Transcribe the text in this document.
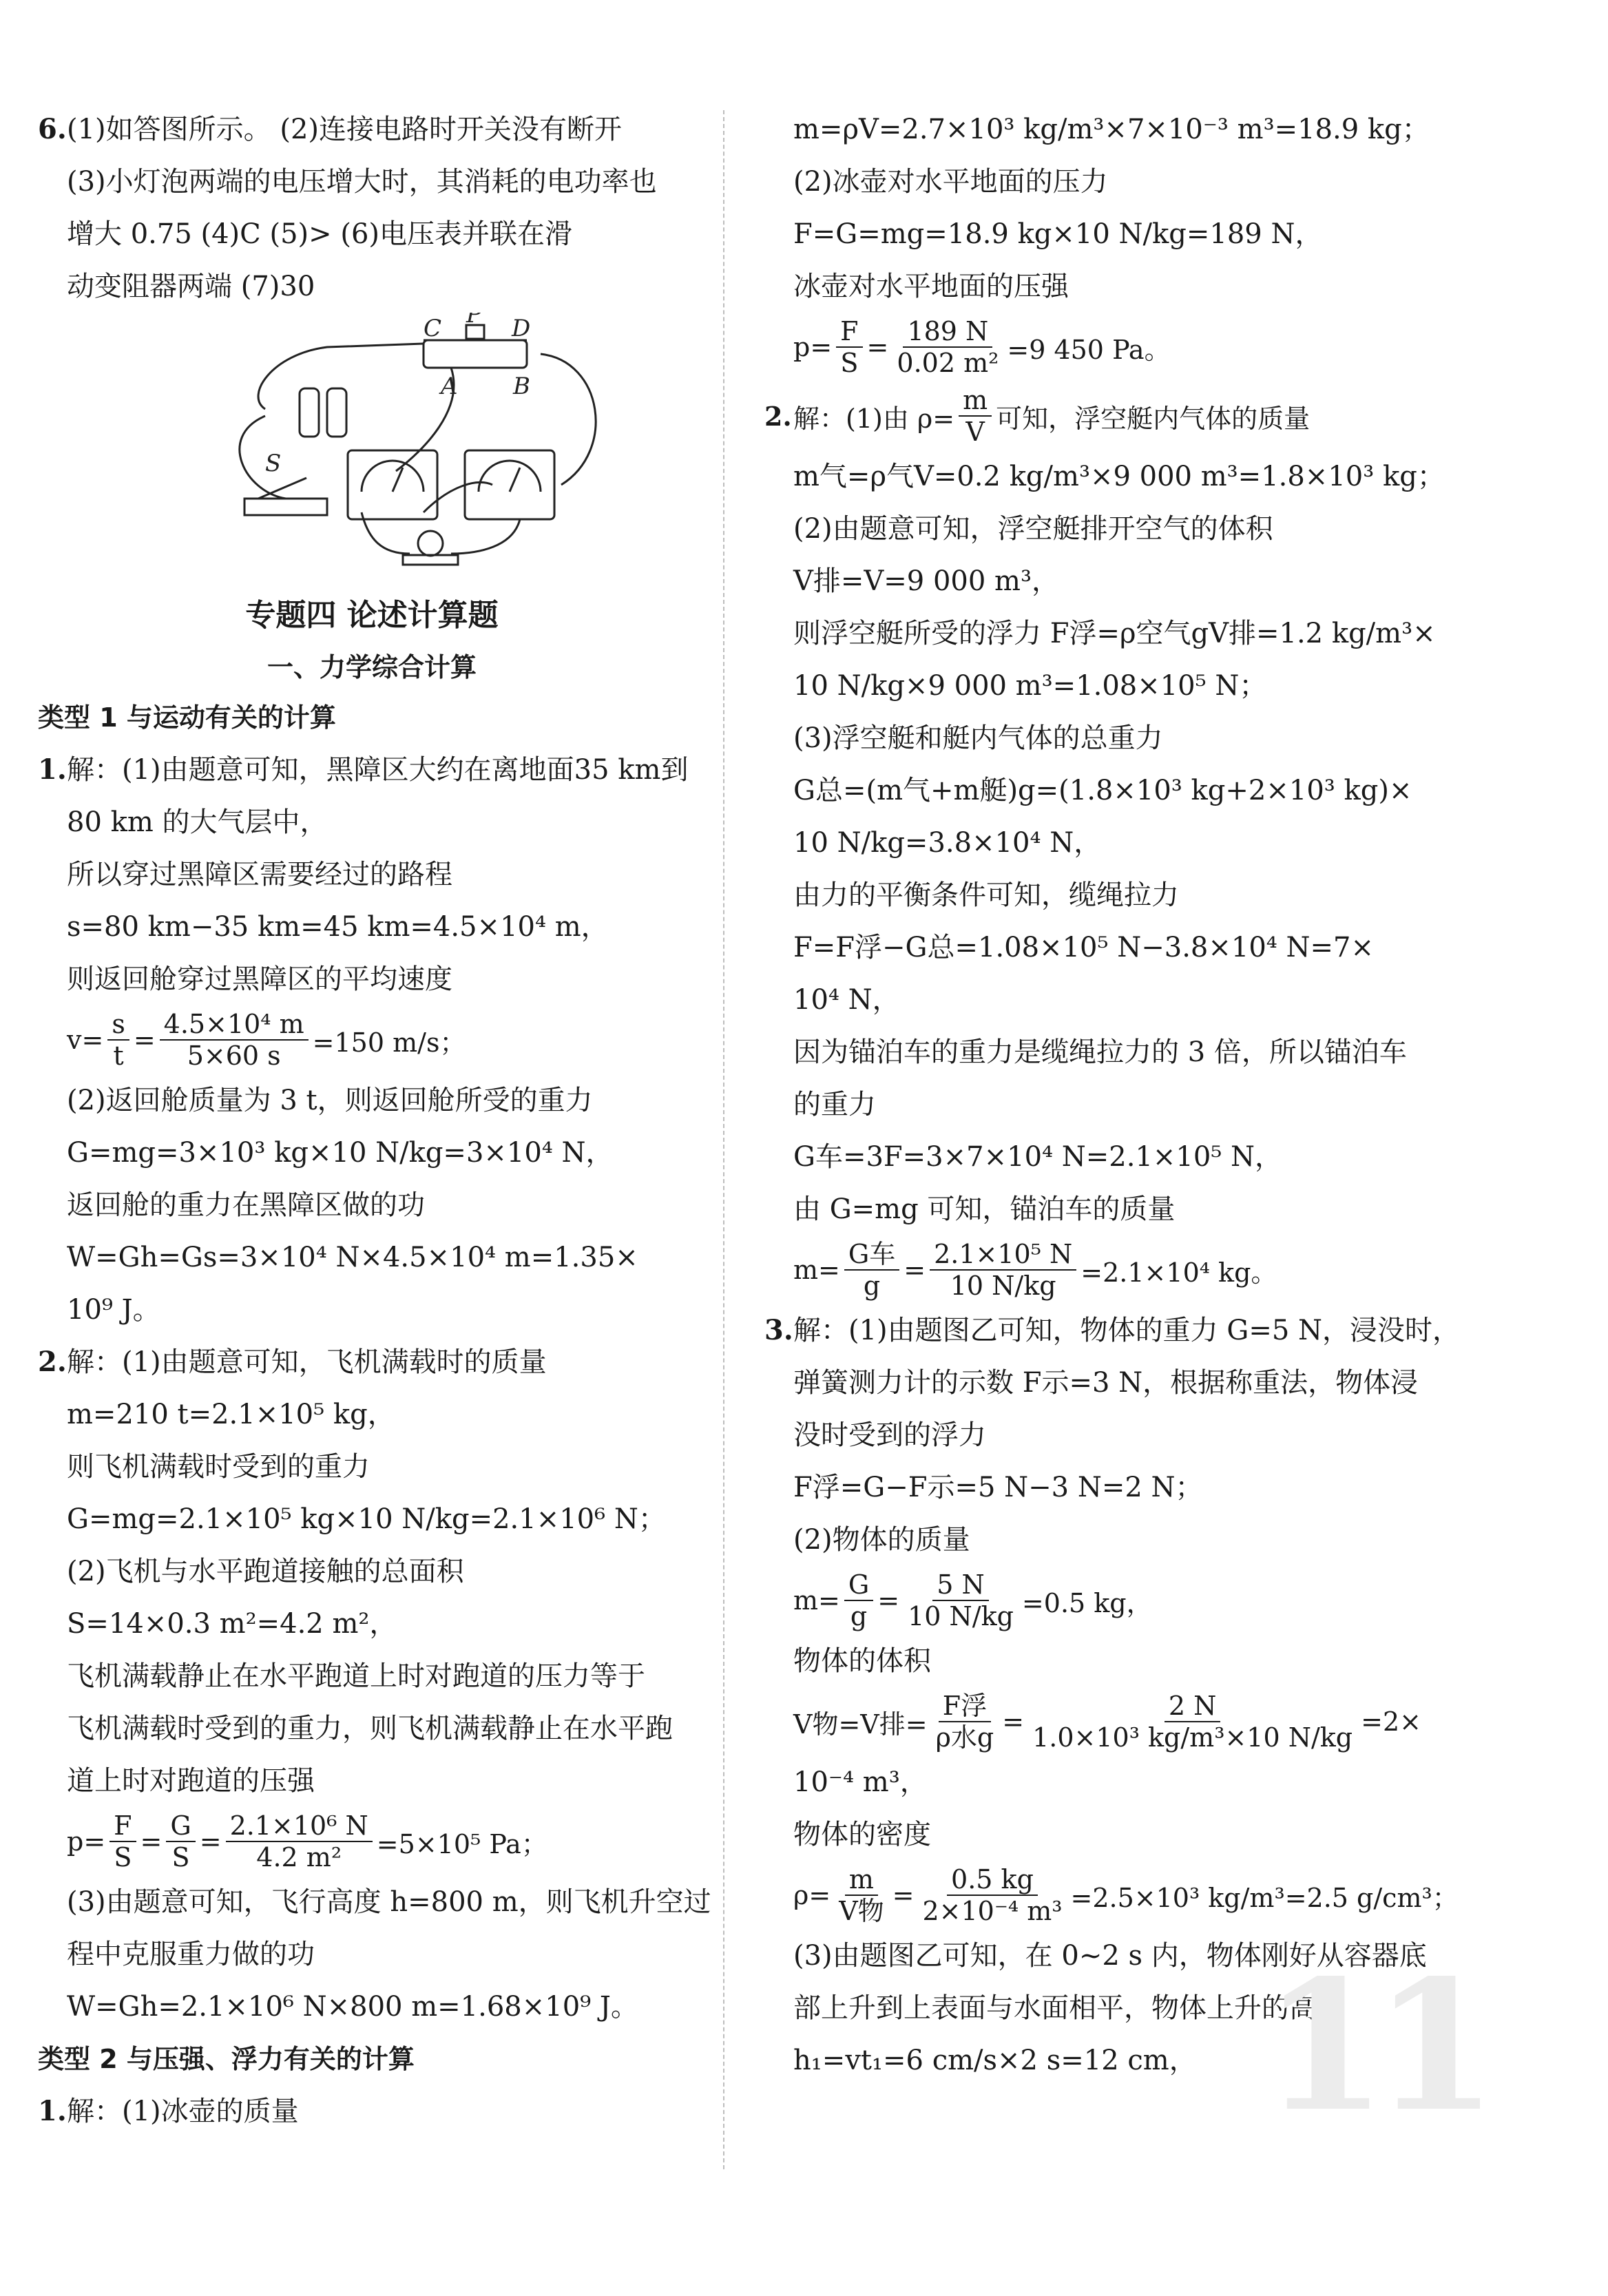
6.(1)如答图所示。 (2)连接电路时开关没有断开
(3)小灯泡两端的电压增大时，其消耗的电功率也
增大 0.75 (4)C (5)> (6)电压表并联在滑
动变阻器两端 (7)30
C P D
A B
S
专题四 论述计算题
一、力学综合计算
类型 1 与运动有关的计算
1.解：(1)由题意可知，黑障区大约在离地面35 km到
80 km 的大气层中，
所以穿过黑障区需要经过的路程
s=80 km−35 km=45 km=4.5×10⁴ m，
则返回舱穿过黑障区的平均速度
$v= \frac{s}{t} = \frac{\text{4.5×10⁴ m}}{5\times 60 s} =150$ m/s；
(2)返回舱质量为 3 t，则返回舱所受的重力
G=mg=3×10³ kg×10 N/kg=3×10⁴ N，
返回舱的重力在黑障区做的功
W=Gh=Gs=3×10⁴ N×4.5×10⁴ m=1.35×
10⁹ J。
2.解：(1)由题意可知，飞机满载时的质量
m=210 t=2.1×10⁵ kg，
则飞机满载时受到的重力
G=mg=2.1×10⁵ kg×10 N/kg=2.1×10⁶ N；
(2)飞机与水平跑道接触的总面积
S=14×0.3 m²=4.2 m²，
飞机满载静止在水平跑道上时对跑道的压力等于
飞机满载时受到的重力，则飞机满载静止在水平跑
道上时对跑道的压强
$p= \frac{F}{S} = \frac{G}{S} = \frac{\text{2.1×10⁶ N}}{\text{4.2 m²}} =5\times 10^5$ Pa；
(3)由题意可知，飞行高度 h=800 m，则飞机升空过
程中克服重力做的功
W=Gh=2.1×10⁶ N×800 m=1.68×10⁹ J。
类型 2 与压强、浮力有关的计算
1.解：(1)冰壶的质量
m=ρV=2.7×10³ kg/m³×7×10⁻³ m³=18.9 kg；
(2)冰壶对水平地面的压力
F=G=mg=18.9 kg×10 N/kg=189 N，
冰壶对水平地面的压强
$p= \frac{F}{S} = \frac{189 N}{\text{0.02 m²}} =9$ 450 Pa。
2. 解：(1)由 $\rho= \frac{m}{V}$ 可知，浮空艇内气体的质量
m气=ρ气V=0.2 kg/m³×9 000 m³=1.8×10³ kg；
(2)由题意可知，浮空艇排开空气的体积
V排=V=9 000 m³，
则浮空艇所受的浮力 F浮=ρ空气gV排=1.2 kg/m³×
10 N/kg×9 000 m³=1.08×10⁵ N；
(3)浮空艇和艇内气体的总重力
G总=(m气+m艇)g=(1.8×10³ kg+2×10³ kg)×
10 N/kg=3.8×10⁴ N，
由力的平衡条件可知，缆绳拉力
F=F浮−G总=1.08×10⁵ N−3.8×10⁴ N=7×
10⁴ N，
因为锚泊车的重力是缆绳拉力的 3 倍，所以锚泊车
的重力
G车=3F=3×7×10⁴ N=2.1×10⁵ N，
由 G=mg 可知，锚泊车的质量
$m= \frac{\text{G车}}{g} = \frac{\text{2.1×10⁵ N}}{10 N/kg} =2.1\times 10^4$ kg。
3.解：(1)由题图乙可知，物体的重力 G=5 N，浸没时，
弹簧测力计的示数 F示=3 N，根据称重法，物体浸
没时受到的浮力
F浮=G−F示=5 N−3 N=2 N；
(2)物体的质量
$m= \frac{G}{g} = \frac{5 N}{10 N/kg} =0.5$ kg，
物体的体积
V物=V排= $\frac{\text{F浮}}{\text{ρ水g}} = \frac{2 N}{\text{1.0×10³ kg/m³×10 N/kg}} =2\times$
10⁻⁴ m³，
物体的密度
$\rho= \frac{m}{\text{V物}} = \frac{0.5 kg}{\text{2×10⁻⁴ m³}} =2.5\times 10^3$ kg/m³=2.5 g/cm³；
(3)由题图乙可知，在 0~2 s 内，物体刚好从容器底
部上升到上表面与水面相平，物体上升的高度
h₁=vt₁=6 cm/s×2 s=12 cm， 11
